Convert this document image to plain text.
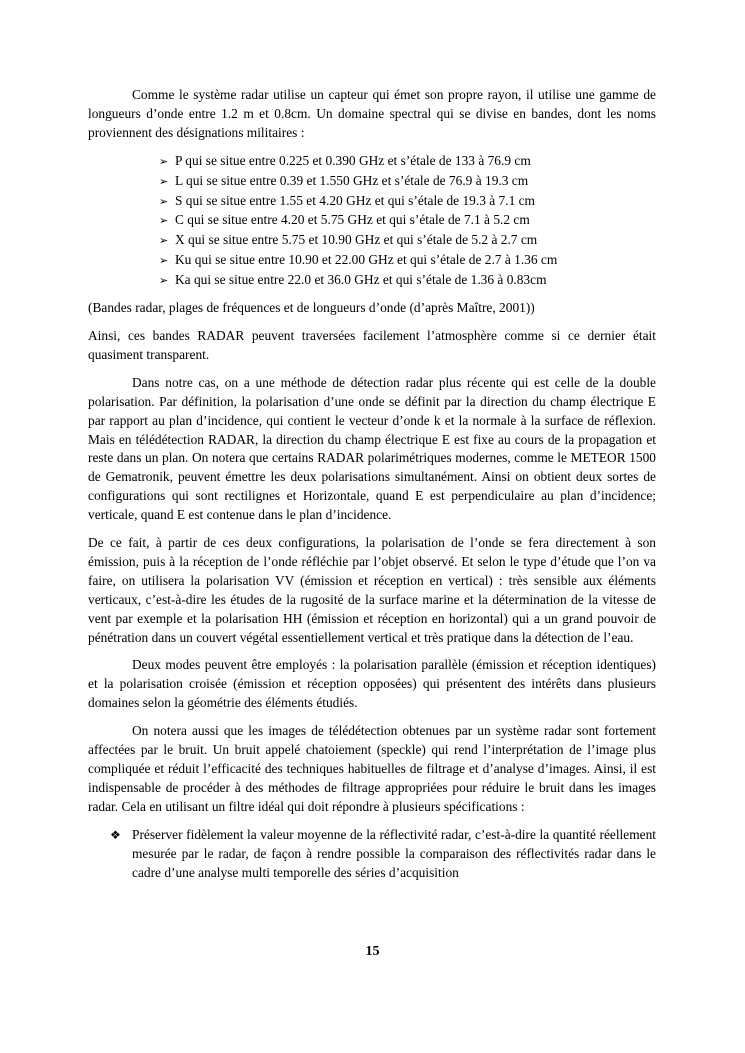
Comme le système radar utilise un capteur qui émet son propre rayon, il utilise une gamme de longueurs d’onde entre 1.2 m et 0.8cm. Un domaine spectral qui se divise en bandes, dont les noms proviennent des désignations militaires :

➢ P qui se situe entre 0.225 et 0.390 GHz et s’étale de 133 à 76.9 cm
➢ L qui se situe entre 0.39 et 1.550 GHz et s’étale de 76.9 à 19.3 cm
➢ S qui se situe entre 1.55 et 4.20 GHz et qui s’étale de 19.3 à 7.1 cm
➢ C qui se situe entre 4.20 et 5.75 GHz et qui s’étale de 7.1 à 5.2 cm
➢ X qui se situe entre 5.75 et 10.90 GHz et qui s’étale de 5.2 à 2.7 cm
➢ Ku qui se situe entre 10.90 et 22.00 GHz et qui s’étale de 2.7 à 1.36 cm
➢ Ka qui se situe entre 22.0 et 36.0 GHz et qui s’étale de 1.36 à 0.83cm

(Bandes radar, plages de fréquences et de longueurs d’onde (d’après Maître, 2001))

Ainsi, ces bandes RADAR peuvent traversées facilement l’atmosphère comme si ce dernier était quasiment transparent.

Dans notre cas, on a une méthode de détection radar plus récente qui est celle de la double polarisation. Par définition, la polarisation d’une onde se définit par la direction du champ électrique E par rapport au plan d’incidence, qui contient le vecteur d’onde k et la normale à la surface de réflexion. Mais en télédétection RADAR, la direction du champ électrique E est fixe au cours de la propagation et reste dans un plan. On notera que certains RADAR polarimétriques modernes, comme le METEOR 1500 de Gematronik, peuvent émettre les deux polarisations simultanément. Ainsi on obtient deux sortes de configurations qui sont rectilignes et Horizontale, quand E est perpendiculaire au plan d’incidence; verticale, quand E est contenue dans le plan d’incidence.

De ce fait, à partir de ces deux configurations, la polarisation de l’onde se fera directement à son émission, puis à la réception de l’onde réfléchie par l’objet observé. Et selon le type d’étude que l’on va faire, on utilisera la polarisation VV (émission et réception en vertical) : très sensible aux éléments verticaux, c’est-à-dire les études de la rugosité de la surface marine et la détermination de la vitesse de vent par exemple et la polarisation HH (émission et réception en horizontal) qui a un grand pouvoir de pénétration dans un couvert végétal essentiellement vertical et très pratique dans la détection de l’eau.

Deux modes peuvent être employés : la polarisation parallèle (émission et réception identiques) et la polarisation croisée (émission et réception opposées) qui présentent des intérêts dans plusieurs domaines selon la géométrie des éléments étudiés.

On notera aussi que les images de télédétection obtenues par un système radar sont fortement affectées par le bruit. Un bruit appelé chatoiement (speckle) qui rend l’interprétation de l’image plus compliquée et réduit l’efficacité des techniques habituelles de filtrage et d’analyse d’images. Ainsi, il est indispensable de procéder à des méthodes de filtrage appropriées pour réduire le bruit dans les images radar. Cela en utilisant un filtre idéal qui doit répondre à plusieurs spécifications :

❖ Préserver fidèlement la valeur moyenne de la réflectivité radar, c’est-à-dire la quantité réellement mesurée par le radar, de façon à rendre possible la comparaison des réflectivités radar dans le cadre d’une analyse multi temporelle des séries d’acquisition
15
